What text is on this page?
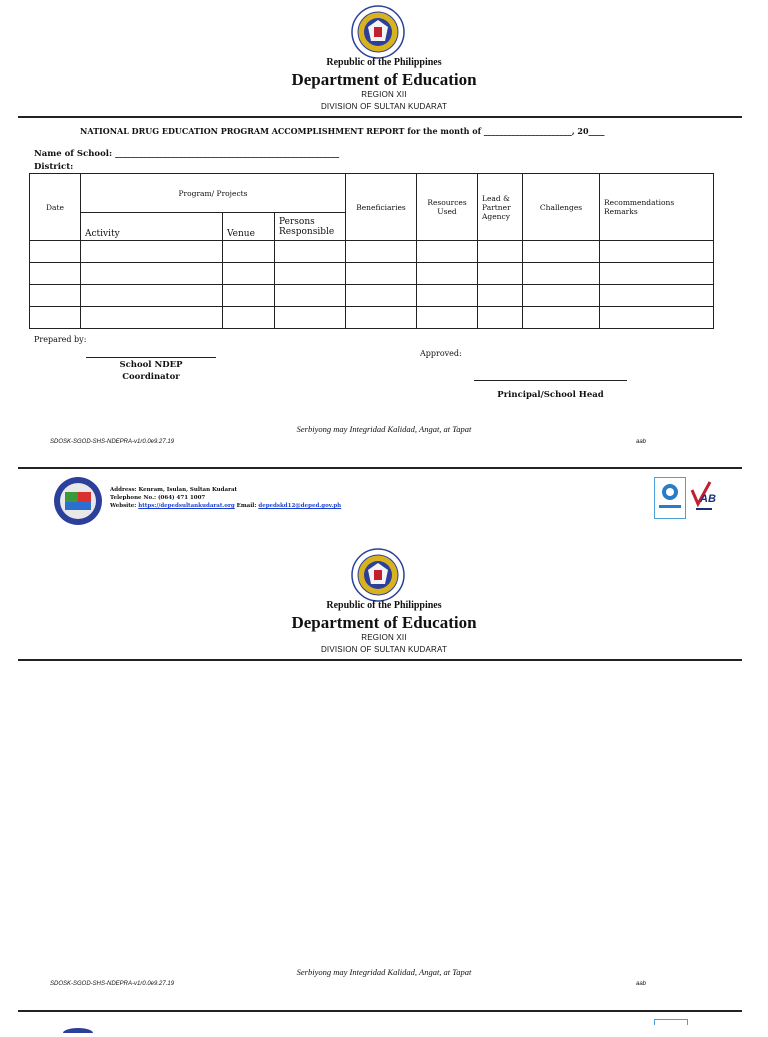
Republic of the Philippines
Department of Education
REGION XII
DIVISION OF SULTAN KUDARAT
NATIONAL DRUG EDUCATION PROGRAM ACCOMPLISHMENT REPORT for the month of ______________________, 20____
Name of School: ________________________________________________________
District:
Date	Program/ Projects			Beneficiaries	Resources Used	Lead & Partner Agency	Challenges	Recommendations Remarks
	Activity	Venue	Persons Responsible					

Prepared by:
School NDEP
Coordinator
Approved:
Principal/School Head
Serbiyong may Integridad Kalidad, Angat, at Tapat
SDOSK-SGOD-SHS-NDEPRA-v1r0.0e9.27.19	aab
Address: Kenram, Isulan, Sultan Kudarat
Telephone No.: (064) 471 1007
Website: https://depedsultankudarat.org Email: depedskd12@deped.gov.ph
AB
Republic of the Philippines
Department of Education
REGION XII
DIVISION OF SULTAN KUDARAT
Serbiyong may Integridad Kalidad, Angat, at Tapat
SDOSK-SGOD-SHS-NDEPRA-v1r0.0e9.27.19	aab
